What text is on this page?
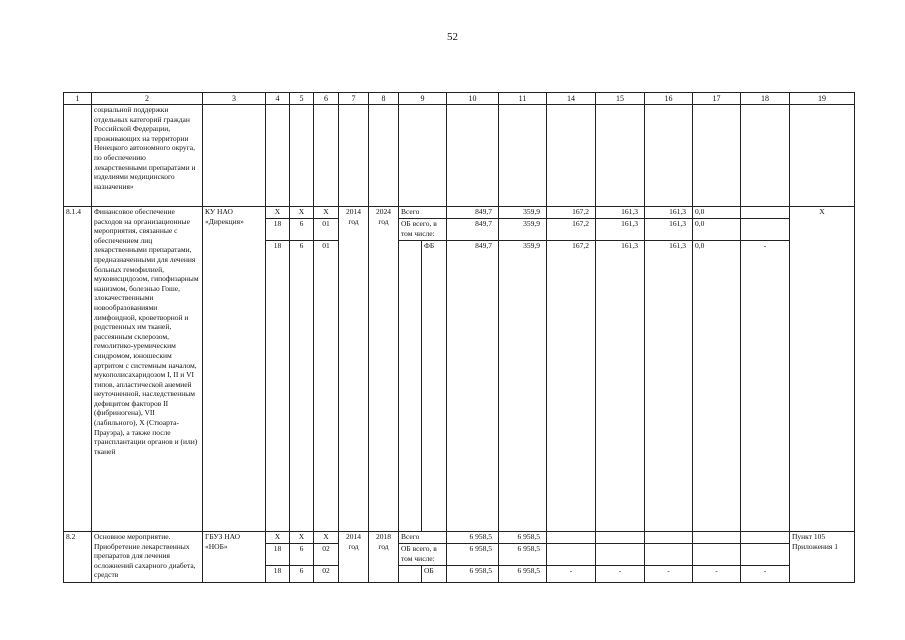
52
1	2	3	4	5	6	7	8	9	10	11	14	15	16	17	18	19
	социальной поддержки отдельных категорий граждан Российской Федерации, проживающих на территории Ненецкого автономного округа, по обеспечению лекарственными препаратами и изделиями медицинского назначения»															
8.1.4	Финансовое обеспечение расходов на организационные мероприятия, связанные с обеспечением лиц лекарственными препаратами, предназначенными для лечения больных гемофилией, муковисцидозом, гипофизарным нанизмом, болезнью Гоше, злокачественными новообразованиями лимфоидной, кроветворной и родственных им тканей, рассеянным склерозом, гемолитико-уремическим синдромом, юношеским артритом с системным началом, мукополисахаридозом I, II и VI типов, апластической анемией неуточненной, наследственным дефицитом факторов II (фибриногена), VII (лабильного), X (Стюарта-Прауэра), а также после трансплантации органов и (или) тканей	КУ НАО «Дирекция»	Х	Х	Х	2014 год	2024 год	Всего	849,7	359,9	167,2	161,3	161,3	0,0		Х
			18	6	01			ОБ всего, в том числе:	849,7	359,9	167,2	161,3	161,3	0,0		
			18	6	01			ФБ	849,7	359,9	167,2	161,3	161,3	0,0	-	
8.2	Основное мероприятие. Приобретение лекарственных препаратов для лечения осложнений сахарного диабета, средств	ГБУЗ НАО «НОБ»	Х	Х	Х	2014 год	2018 год	Всего	6 958,5	6 958,5						Пункт 105 Приложения 1
			18	6	02			ОБ всего, в том числе:	6 958,5	6 958,5						
			18	6	02			ОБ	6 958,5	6 958,5	-	-	-	-	-	
